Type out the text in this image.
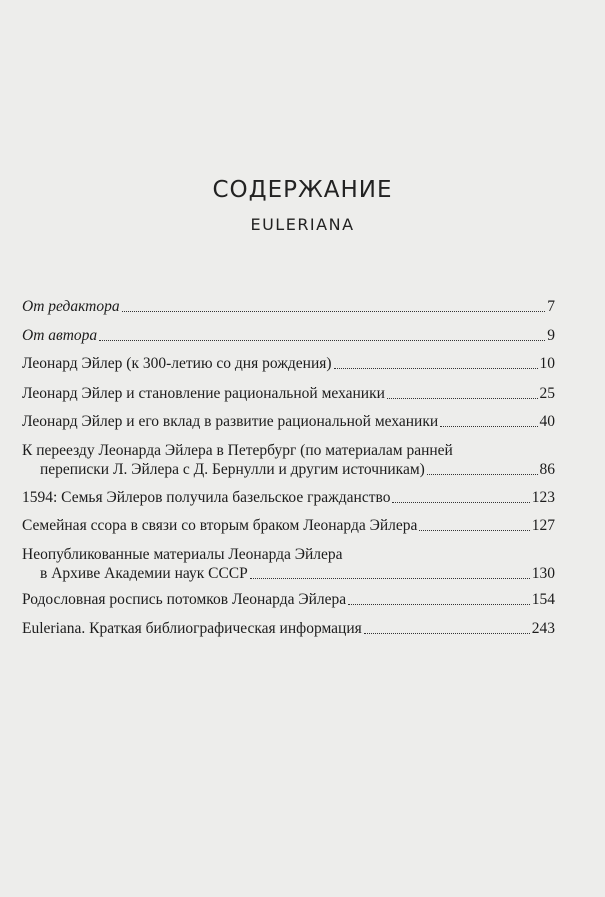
СОДЕРЖАНИЕ
EULERIANA
От редактора	7
От автора	9
Леонард Эйлер (к 300-летию со дня рождения)	10
Леонард Эйлер и становление рациональной механики	25
Леонард Эйлер и его вклад в развитие рациональной механики	40
К переезду Леонарда Эйлера в Петербург (по материалам ранней
переписки Л. Эйлера с Д. Бернулли и другим источникам)	86
1594: Семья Эйлеров получила базельское гражданство	123
Семейная ссора в связи со вторым браком Леонарда Эйлера	127
Неопубликованные материалы Леонарда Эйлера
в Архиве Академии наук СССР	130
Родословная роспись потомков Леонарда Эйлера	154
Euleriana. Краткая библиографическая информация	243
